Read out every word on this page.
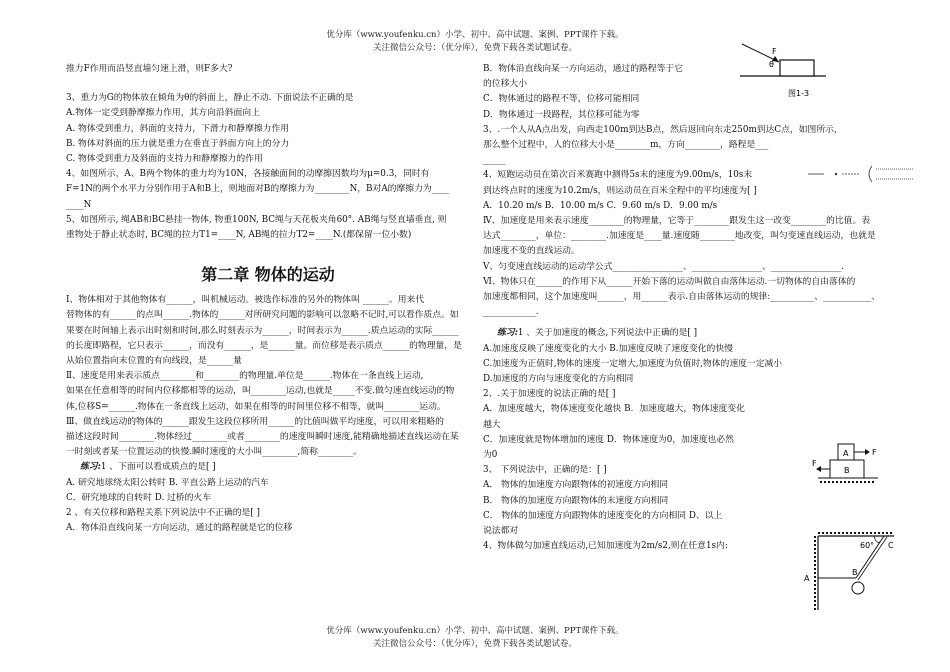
优分库（www.youfenku.cn）小学、初中、高中试题、案例、PPT课件下载。
关注微信公众号：（优分库），免费下载各类试题试卷。

推力F作用而沿竖直墙匀速上滑，则F多大?

3、重力为G的物体放在倾角为θ的斜面上，静止不动. 下面说法不正确的是

A.物体一定受到静摩擦力作用，其方向沿斜面向上

A. 物体受到重力，斜面的支持力，下滑力和静摩擦力作用

B. 物体对斜面的压力就是重力在垂直于斜面方向上的分力

C. 物体受到重力及斜面的支持力和静摩擦力的作用

4、如图所示，A、B两个物体的重力均为10N，各接触面间的动摩擦因数均为μ=0.3，同时有

F=1N的两个水平力分别作用于A和B上，则地面对B的摩擦力为________N，B对A的摩擦力为____

____N

5、如图所示, 绳AB和BC悬挂一物体, 物重100N, BC绳与天花板夹角60°. AB绳与竖直墙垂直, 则

重物处于静止状态时, BC绳的拉力T1=____N, AB绳的拉力T2=____N.(都保留一位小数)

第二章 物体的运动

Ⅰ、物体相对于其他物体有______，叫机械运动。被选作标准的另外的物体叫 ______。用来代

替物体的有______的点叫______.物体的______对所研究问题的影响可以忽略不记时,可以看作质点。如

果要在时间轴上表示出时刻和时间,那么时刻表示为______，时间表示为______.质点运动的实际______

的长度即路程，它只表示______，而没有______，是______量。而位移是表示质点______的物理量，是

从始位置指向末位置的有向线段，是______量

Ⅱ、速度是用来表示质点________和________的物理量.单位是______.物体在一条直线上运动,

如果在任意相等的时间内位移都相等的运动，叫________运动,也就是_____不变.做匀速直线运动的物

体,位移S=______.物体在一条直线上运动，如果在相等的时间里位移不相等，就叫________运动。

Ⅲ、做直线运动的物体的______跟发生这段位移所用______的比值叫做平均速度，可以用来粗略的

描述这段时间________.物体经过________或者________的速度叫瞬时速度,能精确地描述直线运动在某

一时刻或者某一位置运动的快慢.瞬时速度的大小叫________,简称________。

练习:1 、下面可以看成质点的是[ ]

A. 研究地球绕太阳公转时 B. 平直公路上运动的汽车

C．研究地球的自转时 D. 过桥的火车

2 、有关位移和路程关系下列说法中不正确的是[ ]

A．物体沿直线向某一方向运动，通过的路程就是它的位移

B．物体沿直线向某一方向运动，通过的路程等于它

的位移大小

C．物体通过的路程不等，位移可能相同

D．物体通过一段路程，其位移可能为零

3、.一个人从A点出发，向西走100m到达B点，然后返回向东走250m到达C点，如图所示，

那么整个过程中，人的位移大小是________m，方向________，路程是___

_____

4、短跑运动员在第次百米赛跑中测得5s末的速度为9.00m/s，10s末

到达终点时的速度为10.2m/s，则运动员在百米全程中的平均速度为[ ]

A．10.20 m/s B．10.00 m/s C．9.60 m/s D．9.00 m/s

Ⅳ、加速度是用来表示速度________的物理量，它等于________跟发生这一改变________的比值。表

达式________，单位：________.加速度是____量.速度随________地改变，叫匀变速直线运动，也就是

加速度不变的直线运动。

Ⅴ、匀变速直线运动的运动学公式________________、________________、________________.

Ⅵ、物体只在______的作用下从______开始下落的运动叫做自由落体运动.一切物体的自由落体的

加速度都相同，这个加速度叫______，用______表示.自由落体运动的规律:__________、___________、

____________.

练习:1 、关于加速度的概念,下列说法中正确的是[ ]

A.加速度反映了速度变化的大小 B.加速度反映了速度变化的快慢

C.加速度为正值时,物体的速度一定增大,加速度为负值时,物体的速度一定减小

D.加速度的方向与速度变化的方向相同

2、.关于加速度的说法正确的是[ ]

A．加速度越大，物体速度变化越快 B．加速度越大，物体速度变化

越大

C．加速度就是物体增加的速度 D．物体速度为0，加速度也必然

为0

3、 下列说法中，正确的是：[ ]

A． 物体的加速度方向跟物体的初速度方向相同

B． 物体的加速度方向跟物体的末速度方向相同

C． 物体的加速度方向跟物体的速度变化的方向相同 D、以上

说法都对

4、物体做匀加速直线运动,已知加速度为2m/s2,则在任意1s内:

F
θ
图1-3
A
B
F
F
60°
A
B
C
优分库（www.youfenku.cn）小学、初中、高中试题、案例、PPT课件下载。
关注微信公众号：（优分库），免费下载各类试题试卷。
